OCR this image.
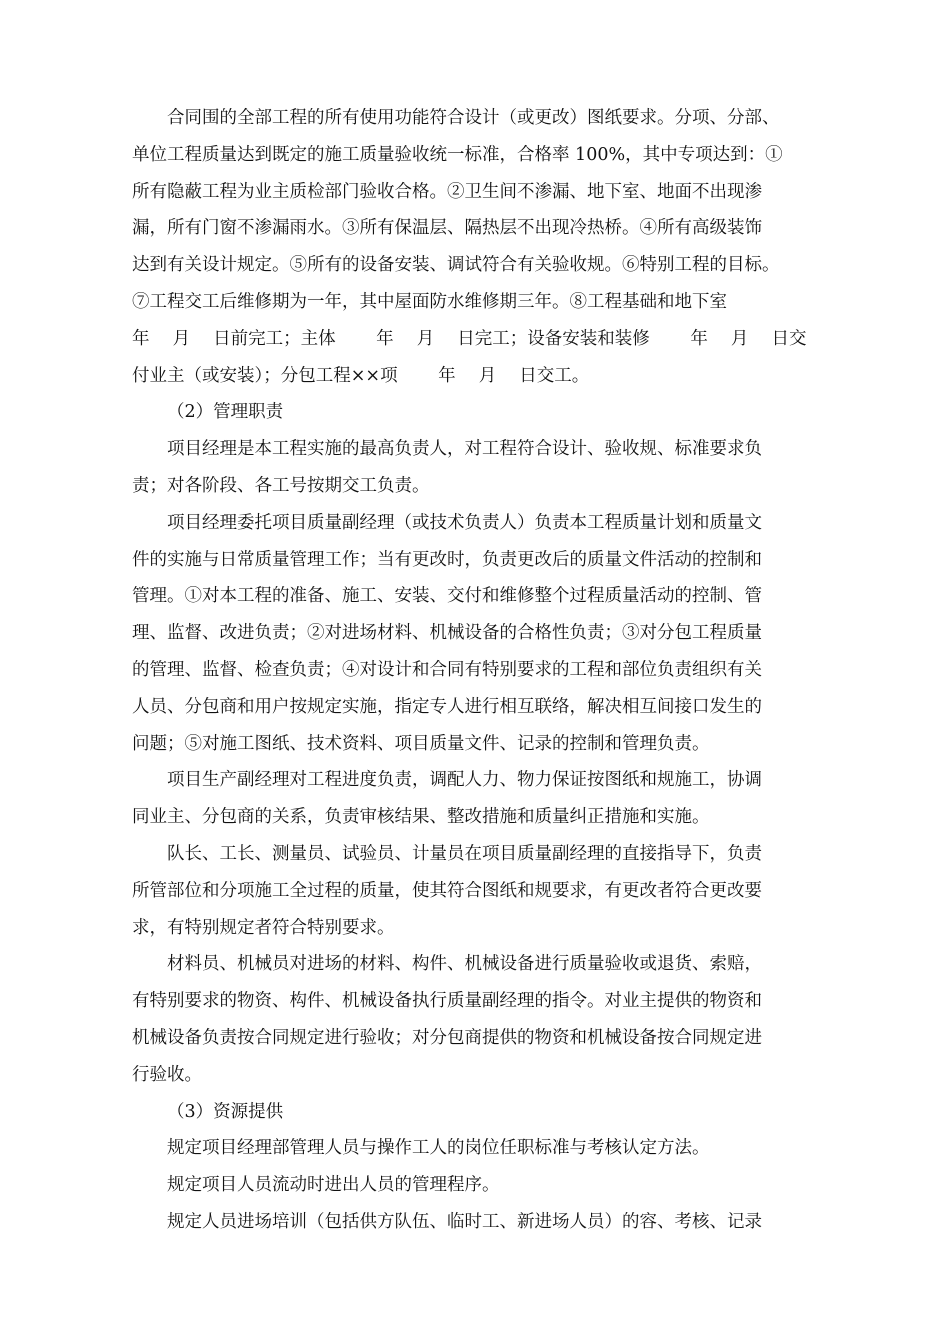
合同围的全部工程的所有使用功能符合设计（或更改）图纸要求。分项、分部、
单位工程质量达到既定的施工质量验收统一标准，合格率 100%，其中专项达到：①
所有隐蔽工程为业主质检部门验收合格。②卫生间不渗漏、地下室、地面不出现渗
漏，所有门窗不渗漏雨水。③所有保温层、隔热层不出现冷热桥。④所有高级装饰
达到有关设计规定。⑤所有的设备安装、调试符合有关验收规。⑥特别工程的目标。
⑦工程交工后维修期为一年，其中屋面防水维修期三年。⑧工程基础和地下室
年　 月　 日前完工；主体　　 年　 月　 日完工；设备安装和装修　　 年　 月　 日交
付业主（或安装）；分包工程××项　　 年　 月　 日交工。
（2）管理职责
项目经理是本工程实施的最高负责人，对工程符合设计、验收规、标准要求负
责；对各阶段、各工号按期交工负责。
项目经理委托项目质量副经理（或技术负责人）负责本工程质量计划和质量文
件的实施与日常质量管理工作；当有更改时，负责更改后的质量文件活动的控制和
管理。①对本工程的准备、施工、安装、交付和维修整个过程质量活动的控制、管
理、监督、改进负责；②对进场材料、机械设备的合格性负责；③对分包工程质量
的管理、监督、检查负责；④对设计和合同有特别要求的工程和部位负责组织有关
人员、分包商和用户按规定实施，指定专人进行相互联络，解决相互间接口发生的
问题；⑤对施工图纸、技术资料、项目质量文件、记录的控制和管理负责。
项目生产副经理对工程进度负责，调配人力、物力保证按图纸和规施工，协调
同业主、分包商的关系，负责审核结果、整改措施和质量纠正措施和实施。
队长、工长、测量员、试验员、计量员在项目质量副经理的直接指导下，负责
所管部位和分项施工全过程的质量，使其符合图纸和规要求，有更改者符合更改要
求，有特别规定者符合特别要求。
材料员、机械员对进场的材料、构件、机械设备进行质量验收或退货、索赔，
有特别要求的物资、构件、机械设备执行质量副经理的指令。对业主提供的物资和
机械设备负责按合同规定进行验收；对分包商提供的物资和机械设备按合同规定进
行验收。
（3）资源提供
规定项目经理部管理人员与操作工人的岗位任职标准与考核认定方法。
规定项目人员流动时进出人员的管理程序。
规定人员进场培训（包括供方队伍、临时工、新进场人员）的容、考核、记录
